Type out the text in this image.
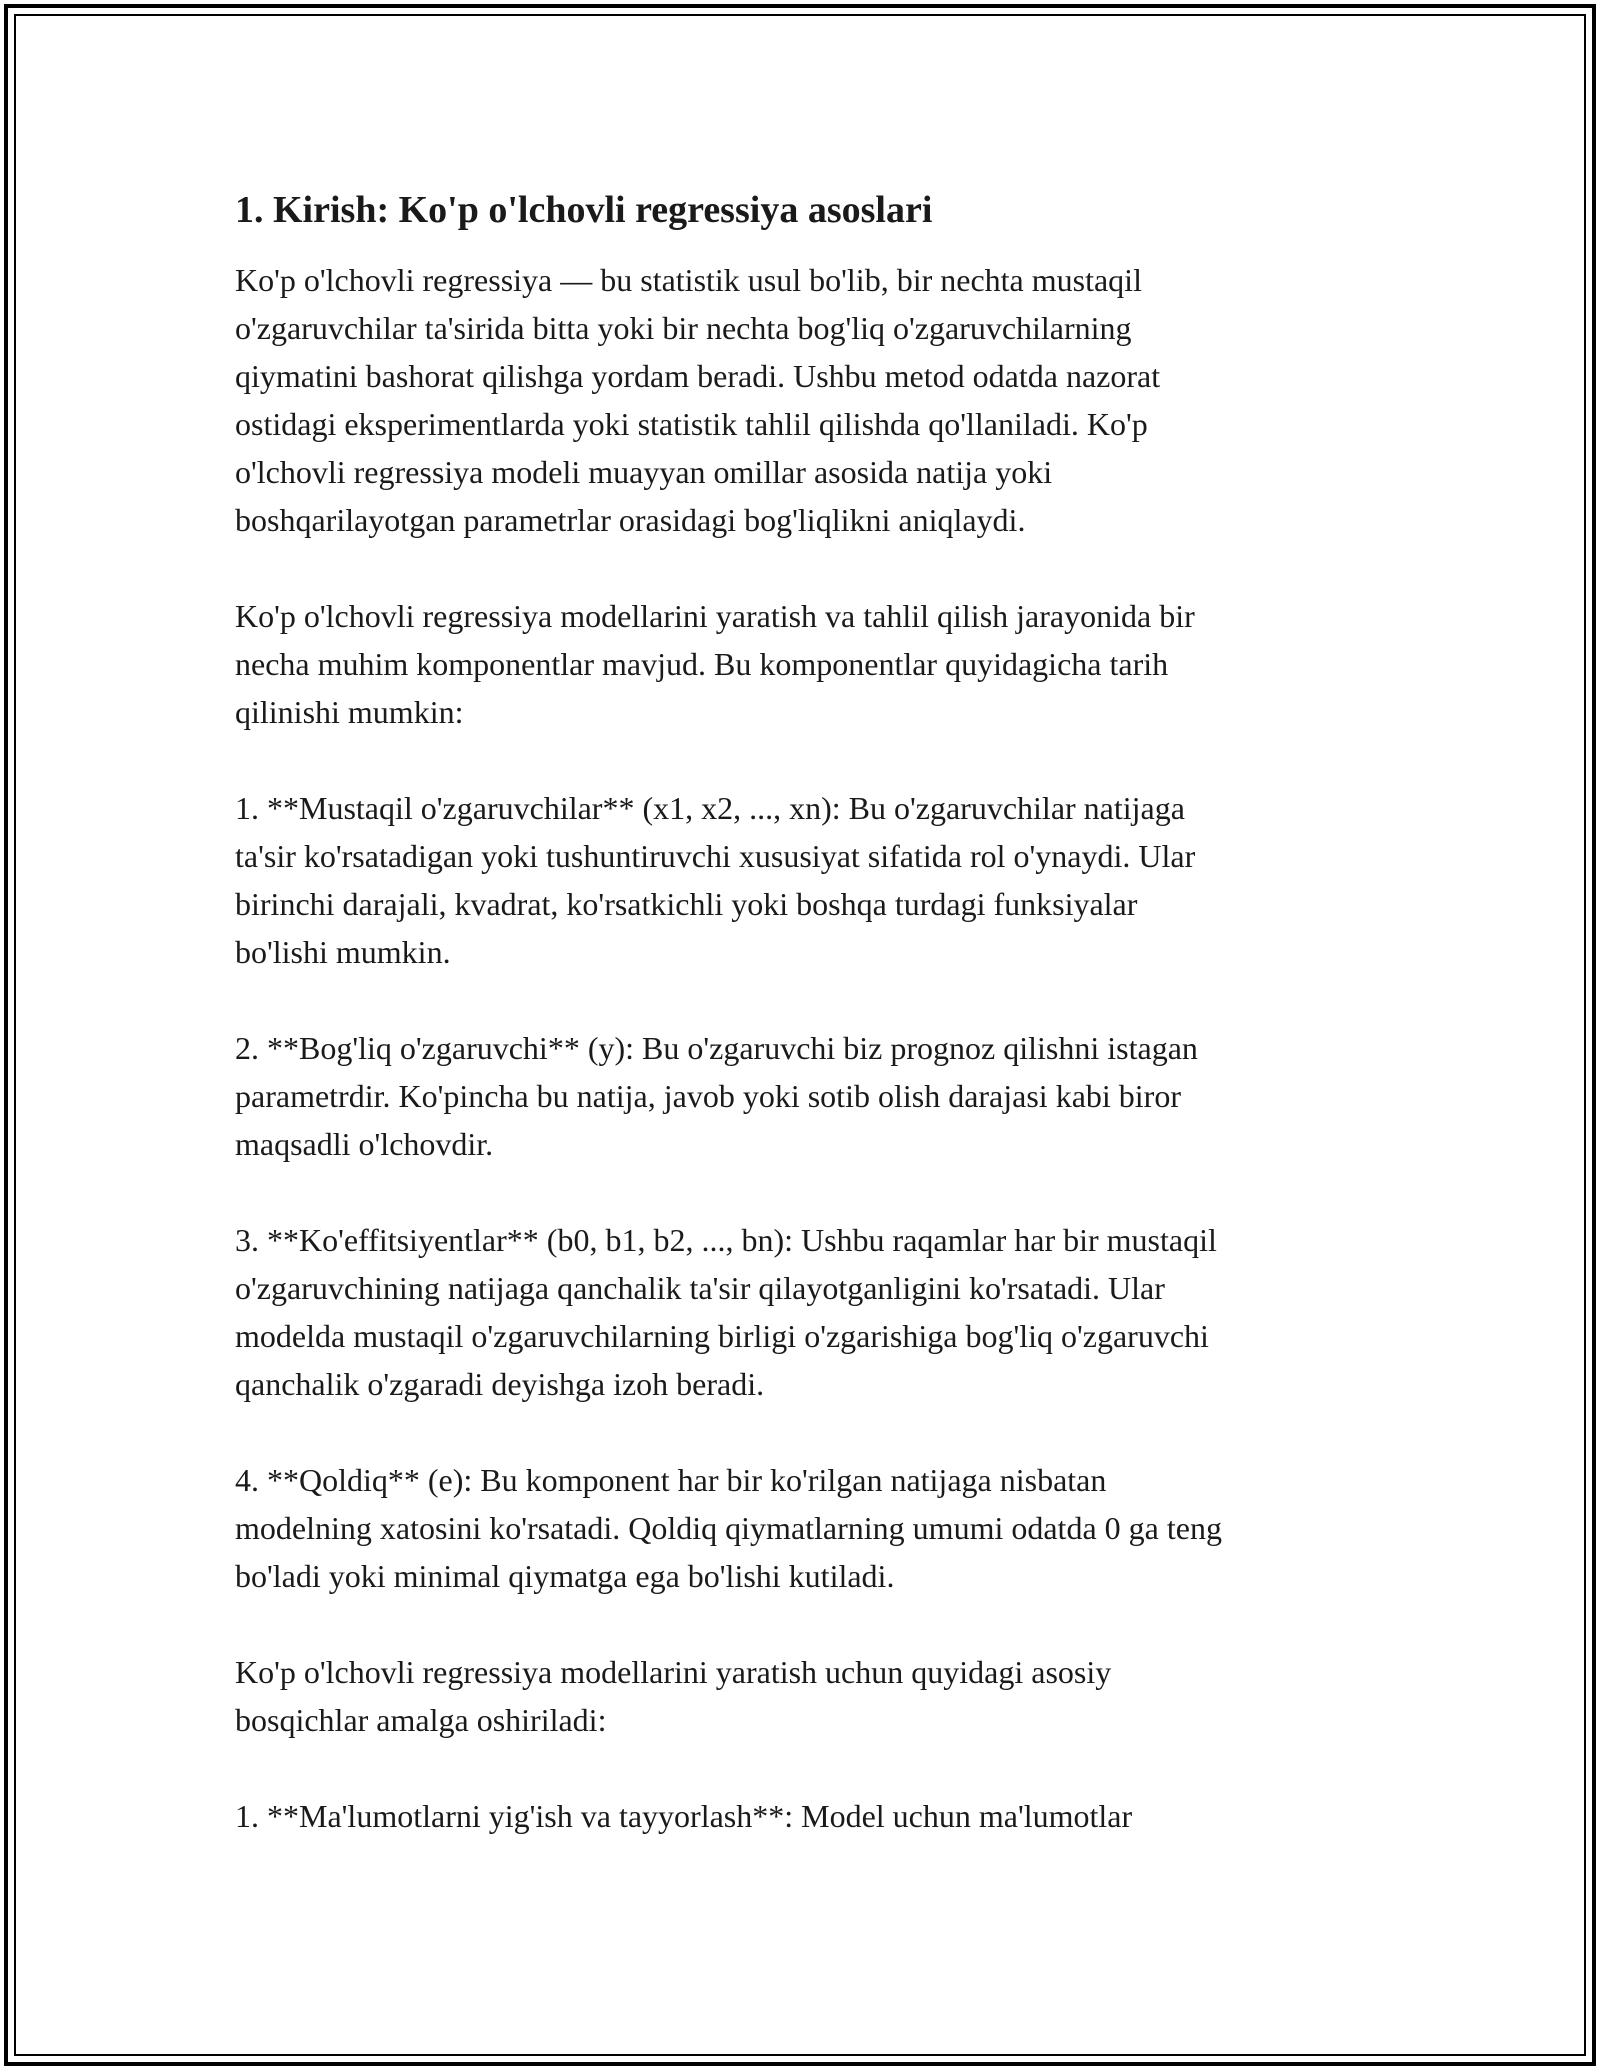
1. Kirish: Ko'p o'lchovli regressiya asoslari

Ko'p o'lchovli regressiya — bu statistik usul bo'lib, bir nechta mustaqil
o'zgaruvchilar ta'sirida bitta yoki bir nechta bog'liq o'zgaruvchilarning
qiymatini bashorat qilishga yordam beradi. Ushbu metod odatda nazorat
ostidagi eksperimentlarda yoki statistik tahlil qilishda qo'llaniladi. Ko'p
o'lchovli regressiya modeli muayyan omillar asosida natija yoki
boshqarilayotgan parametrlar orasidagi bog'liqlikni aniqlaydi.

Ko'p o'lchovli regressiya modellarini yaratish va tahlil qilish jarayonida bir
necha muhim komponentlar mavjud. Bu komponentlar quyidagicha tarih
qilinishi mumkin:

1. **Mustaqil o'zgaruvchilar** (x1, x2, ..., xn): Bu o'zgaruvchilar natijaga
ta'sir ko'rsatadigan yoki tushuntiruvchi xususiyat sifatida rol o'ynaydi. Ular
birinchi darajali, kvadrat, ko'rsatkichli yoki boshqa turdagi funksiyalar
bo'lishi mumkin.

2. **Bog'liq o'zgaruvchi** (y): Bu o'zgaruvchi biz prognoz qilishni istagan
parametrdir. Ko'pincha bu natija, javob yoki sotib olish darajasi kabi biror
maqsadli o'lchovdir.

3. **Ko'effitsiyentlar** (b0, b1, b2, ..., bn): Ushbu raqamlar har bir mustaqil
o'zgaruvchining natijaga qanchalik ta'sir qilayotganligini ko'rsatadi. Ular
modelda mustaqil o'zgaruvchilarning birligi o'zgarishiga bog'liq o'zgaruvchi
qanchalik o'zgaradi deyishga izoh beradi.

4. **Qoldiq** (e): Bu komponent har bir ko'rilgan natijaga nisbatan
modelning xatosini ko'rsatadi. Qoldiq qiymatlarning umumi odatda 0 ga teng
bo'ladi yoki minimal qiymatga ega bo'lishi kutiladi.

Ko'p o'lchovli regressiya modellarini yaratish uchun quyidagi asosiy
bosqichlar amalga oshiriladi:

1. **Ma'lumotlarni yig'ish va tayyorlash**: Model uchun ma'lumotlar
